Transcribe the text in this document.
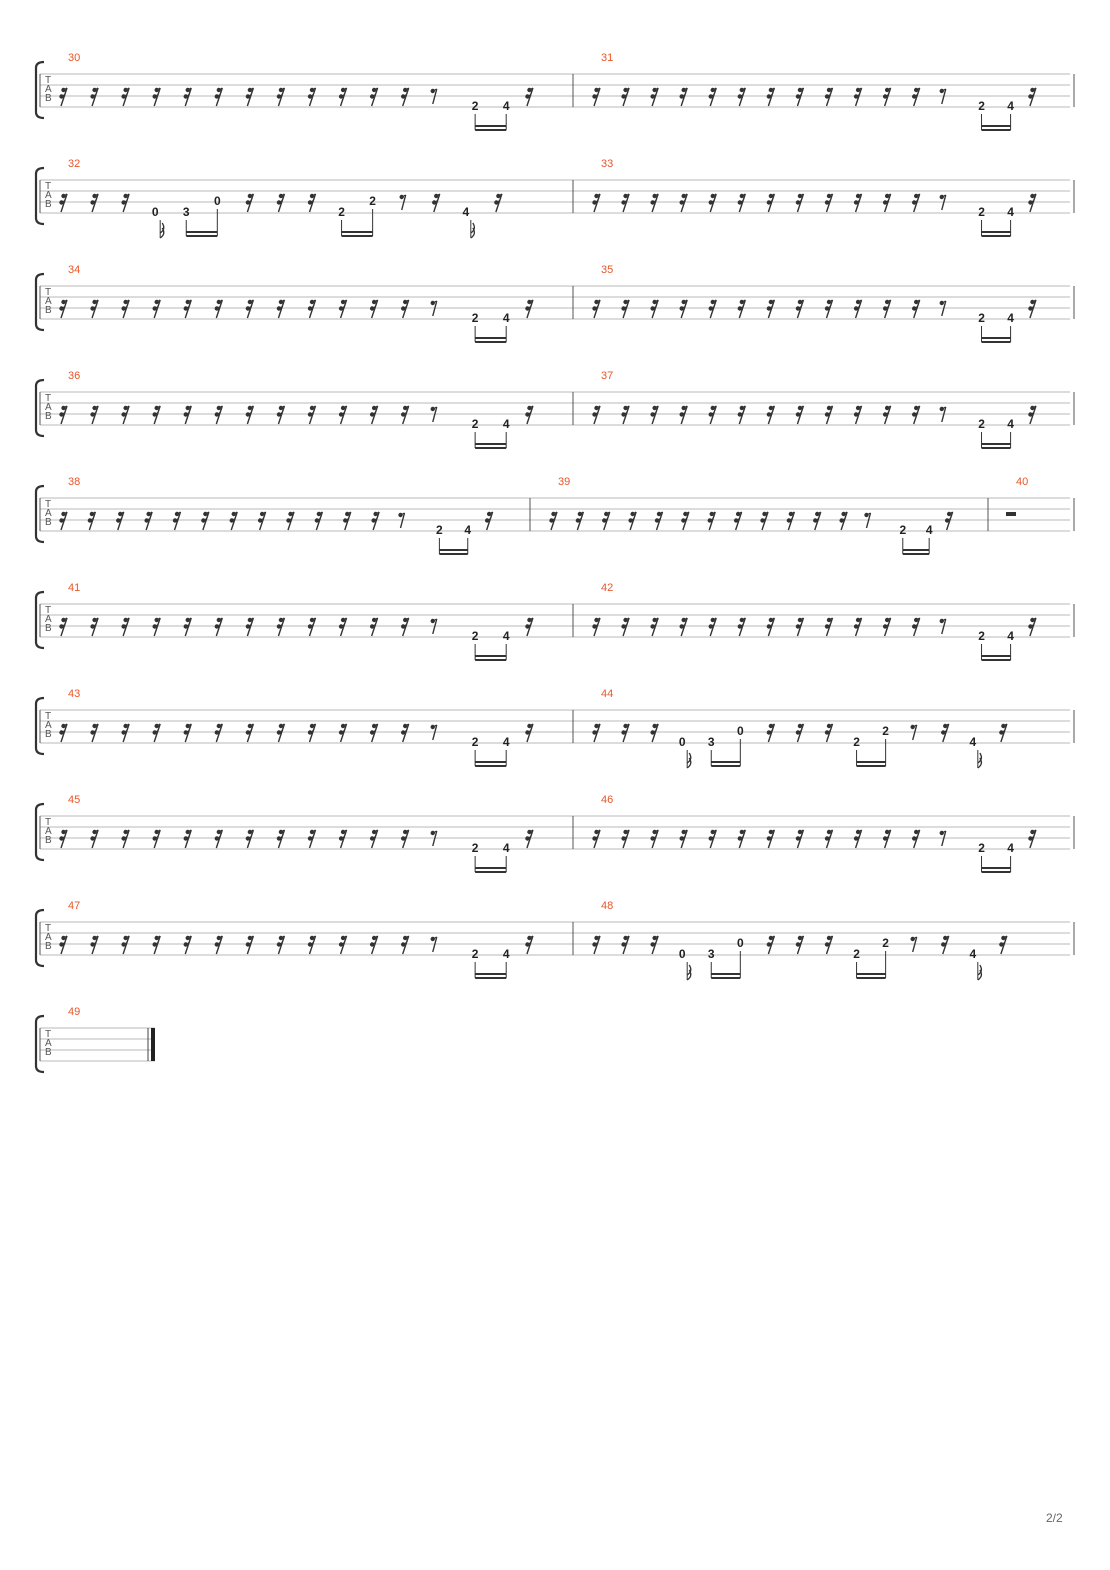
T
A
B
30
2 4
31
2 4
T
A
B
32
0 3
0
2
2
4
33
2 4
T
A
B
34
2 4
35
2 4
T
A
B
36
2 4
37
2 4
T
A
B
38
2 4
39
2 4
40
T
A
B
41
2 4
42
2 4
T
A
B
43
2 4
44
0 3
0
2
2
4
T
A
B
45
2 4
46
2 4
T
A
B
47
2 4
48
0 3
0
2
2
4
T
A
B
49
2/2
